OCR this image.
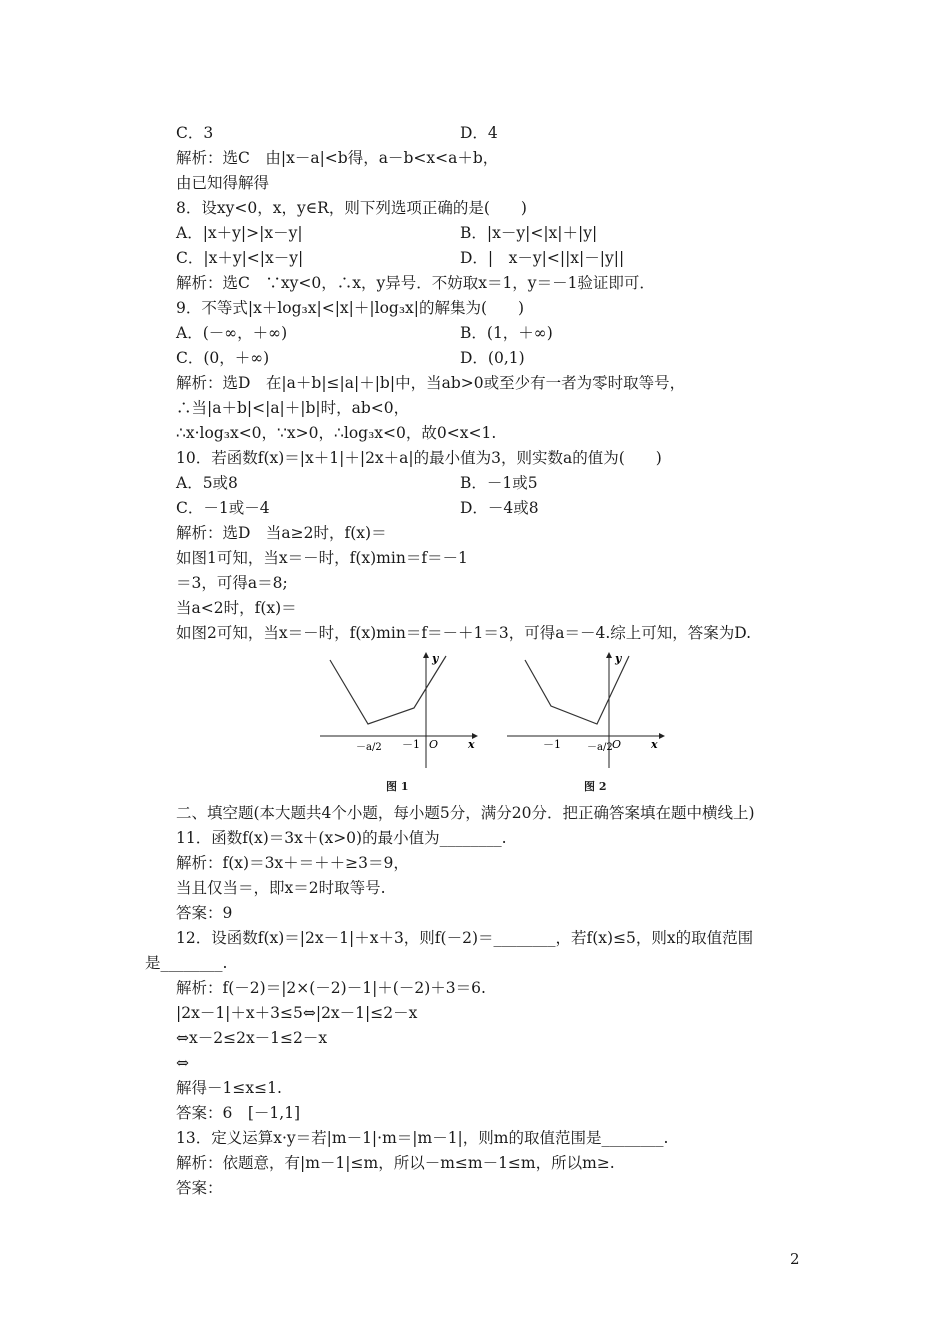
y
x
O
－1
－a/2
图 1
y
x
O
－1	－a/2
图 2
2
C．3	D．4
解析：选C　由|x－a|<b得，a－b<x<a＋b，
由已知得解得
8．设xy<0，x，y∈R，则下列选项正确的是(　　)
A．|x＋y|>|x－y|	B．|x－y|<|x|＋|y|
C．|x＋y|<|x－y|	D．|　x－y|<||x|－|y||
解析：选C　∵xy<0，∴x，y异号．不妨取x＝1，y＝－1验证即可．
9．不等式|x＋log₃x|<|x|＋|log₃x|的解集为(　　)
A．(－∞，＋∞)	B．(1，＋∞)
C．(0，＋∞)	D．(0,1)
解析：选D　在|a＋b|≤|a|＋|b|中，当ab>0或至少有一者为零时取等号，
∴当|a＋b|<|a|＋|b|时，ab<0，
∴x·log₃x<0，∵x>0，∴log₃x<0，故0<x<1.
10．若函数f(x)＝|x＋1|＋|2x＋a|的最小值为3，则实数a的值为(　　)
A．5或8	B．－1或5
C．－1或－4	D．－4或8
解析：选D　当a≥2时，f(x)＝
如图1可知，当x＝－时，f(x)min＝f＝－1
＝3，可得a＝8;
当a<2时，f(x)＝
如图2可知，当x＝－时，f(x)min＝f＝－＋1＝3，可得a＝－4.综上可知，答案为D.
二、填空题(本大题共4个小题，每小题5分，满分20分．把正确答案填在题中横线上)
11．函数f(x)＝3x＋(x>0)的最小值为________.
解析：f(x)＝3x＋＝＋＋≥3＝9，
当且仅当＝，即x＝2时取等号.
答案：9
12．设函数f(x)＝|2x－1|＋x＋3，则f(－2)＝________，若f(x)≤5，则x的取值范围
是________.
解析：f(－2)＝|2×(－2)－1|＋(－2)＋3＝6.
|2x－1|＋x＋3≤5⇔|2x－1|≤2－x
⇔x－2≤2x－1≤2－x
⇔
解得－1≤x≤1.
答案：6　[－1,1]
13．定义运算x·y＝若|m－1|·m＝|m－1|，则m的取值范围是________.
解析：依题意，有|m－1|≤m，所以－m≤m－1≤m，所以m≥.
答案：
